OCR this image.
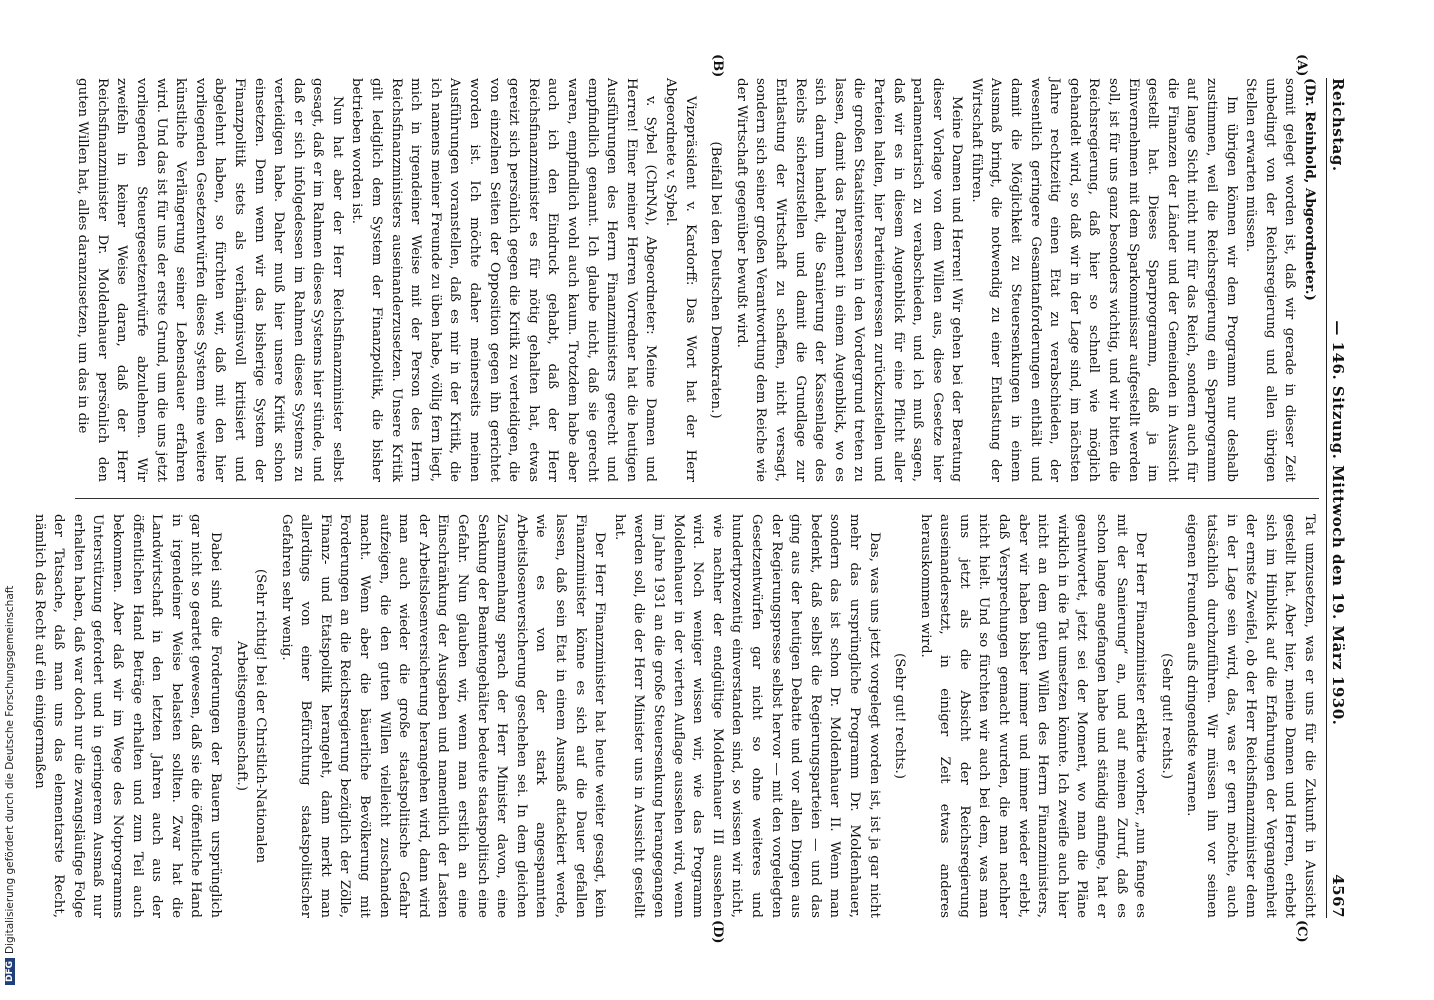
Reichstag.
— 146. Sitzung. Mittwoch den 19. März 1930.
4567
(A)
(B)
(C)
(D)

(Dr. Reinhold, Abgeordneter.)

somit gelegt worden ist, daß wir gerade in dieser Zeit unbedingt von der Reichsregierung und allen übrigen Stellen erwarten müssen.

Im übrigen können wir dem Programm nur deshalb zustimmen, weil die Reichsregierung ein Sparprogramm auf lange Sicht nicht nur für das Reich, sondern auch für die Finanzen der Länder und der Gemeinden in Aussicht gestellt hat. Dieses Sparprogramm, daß ja im Einvernehmen mit dem Sparkommissar aufgestellt werden soll, ist für uns ganz besonders wichtig, und wir bitten die Reichsregierung, daß hier so schnell wie möglich gehandelt wird, so daß wir in der Lage sind, im nächsten Jahre rechtzeitig einen Etat zu verabschieden, der wesentlich geringere Gesamtanforderungen enthält und damit die Möglichkeit zu Steuersenkungen in einem Ausmaß bringt, die notwendig zu einer Entlastung der Wirtschaft führen.

Meine Damen und Herren! Wir gehen bei der Beratung dieser Vorlage von dem Willen aus, diese Gesetze hier parlamentarisch zu verabschieden, und ich muß sagen, daß wir es in diesem Augenblick für eine Pflicht aller Parteien halten, hier Parteiinteressen zurückzustellen und die großen Staatsinteressen in den Vordergrund treten zu lassen, damit das Parlament in einem Augenblick, wo es sich darum handelt, die Sanierung der Kassenlage des Reichs sicherzustellen und damit die Grundlage zur Entlastung der Wirtschaft zu schaffen, nicht versagt, sondern sich seiner großen Verantwortung dem Reiche wie der Wirtschaft gegenüber bewußt wird.

(Beifall bei den Deutschen Demokraten.)

Vizepräsident v. Kardorff: Das Wort hat der Herr Abgeordnete v. Sybel.

v. Sybel (ChrNA), Abgeordneter: Meine Damen und Herren! Einer meiner Herren Vorredner hat die heutigen Ausführungen des Herrn Finanzministers gerecht und empfindlich genannt. Ich glaube nicht, daß sie gerecht waren, empfindlich wohl auch kaum. Trotzdem habe aber auch ich den Eindruck gehabt, daß der Herr Reichsfinanzminister es für nötig gehalten hat, etwas gereizt sich persönlich gegen die Kritik zu verteidigen, die von einzelnen Seiten der Opposition gegen ihn gerichtet worden ist. Ich möchte daher meinerseits meinen Ausführungen voranstellen, daß es mir in der Kritik, die ich namens meiner Freunde zu üben habe, völlig fern liegt, mich in irgendeiner Weise mit der Person des Herrn Reichsfinanzministers auseinanderzusetzen. Unsere Kritik gilt lediglich dem System der Finanzpolitik, die bisher betrieben worden ist.

Nun hat aber der Herr Reichsfinanzminister selbst gesagt, daß er im Rahmen dieses Systems hier stünde, und daß er sich infolgedessen im Rahmen dieses Systems zu verteidigen habe. Daher muß hier unsere Kritik schon einsetzen. Denn wenn wir das bisherige System der Finanzpolitik stets als verhängnisvoll kritisiert und abgelehnt haben, so fürchten wir, daß mit den hier vorliegenden Gesetzentwürfen dieses System eine weitere künstliche Verlängerung seiner Lebensdauer erfahren wird. Und das ist für uns der erste Grund, um die uns jetzt vorliegenden Steuergesetzentwürfe abzulehnen. Wir zweifeln in keiner Weise daran, daß der Herr Reichsfinanzminister Dr. Moldenhauer persönlich den guten Willen hat, alles daranzusetzen, um das in die

Tat umzusetzen, was er uns für die Zukunft in Aussicht gestellt hat. Aber hier, meine Damen und Herren, erhebt sich im Hinblick auf die Erfahrungen der Vergangenheit der ernste Zweifel, ob der Herr Reichsfinanzminister denn in der Lage sein wird, das, was er gern möchte, auch tatsächlich durchzuführen. Wir müssen ihn vor seinen eigenen Freunden aufs dringendste warnen.

(Sehr gut! rechts.)

Der Herr Finanzminister erklärte vorher, „nun fange es mit der Sanierung“ an, und auf meinen Zuruf, daß es schon lange angefangen habe und ständig anfinge, hat er geantwortet, jetzt sei der Moment, wo man die Pläne wirklich in die Tat umsetzen könnte. Ich zweifle auch hier nicht an dem guten Willen des Herrn Finanzministers, aber wir haben bisher immer und immer wieder erlebt, daß Versprechungen gemacht wurden, die man nachher nicht hielt. Und so fürchten wir auch bei dem, was man uns jetzt als die Absicht der Reichsregierung auseinandersetzt, in einiger Zeit etwas anderes herauskommen wird.

(Sehr gut! rechts.)

Das, was uns jetzt vorgelegt worden ist, ist ja gar nicht mehr das ursprüngliche Programm Dr. Moldenhauer, sondern das ist schon Dr. Moldenhauer II. Wenn man bedenkt, daß selbst die Regierungsparteien — und das ging aus der heutigen Debatte und vor allen Dingen aus der Regierungspresse selbst hervor — mit den vorgelegten Gesetzentwürfen gar nicht so ohne weiteres und hundertprozentig einverstanden sind, so wissen wir nicht, wie nachher der endgültige Moldenhauer III aussehen wird. Noch weniger wissen wir, wie das Programm Moldenhauer in der vierten Auflage aussehen wird, wenn im Jahre 1931 an die große Steuersenkung herangegangen werden soll, die der Herr Minister uns in Aussicht gestellt hat.

Der Herr Finanzminister hat heute weiter gesagt, kein Finanzminister könne es sich auf die Dauer gefallen lassen, daß sein Etat in einem Ausmaß attackiert werde, wie es von der stark angespannten Arbeitslosenversicherung geschehen sei. In dem gleichen Zusammenhang sprach der Herr Minister davon, eine Senkung der Beamtengehälter bedeute staatspolitisch eine Gefahr. Nun glauben wir, wenn man erstlich an eine Einschränkung der Ausgaben und namentlich der Lasten der Arbeitslosenversicherung herangehen wird, dann wird man auch wieder die große staatspolitische Gefahr aufzeigen, die den guten Willen vielleicht zuschanden macht. Wenn aber die bäuerliche Bevölkerung mit Forderungen an die Reichsregierung bezüglich der Zölle, Finanz- und Etatspolitik herangeht, dann merkt man allerdings von einer Befürchtung staatspolitischer Gefahren sehr wenig.

(Sehr richtig! bei der Christlich-Nationalen Arbeitsgemeinschaft.)

Dabei sind die Forderungen der Bauern ursprünglich gar nicht so geartet gewesen, daß sie die öffentliche Hand in irgendeiner Weise belasten sollten. Zwar hat die Landwirtschaft in den letzten Jahren auch aus der öffentlichen Hand Beträge erhalten und zum Teil auch bekommen. Aber daß wir im Wege des Notprogramms Unterstützung gefordert und in geringerem Ausmaß nur erhalten haben, daß war doch nur die zwangsläufige Folge der Tatsache, daß man uns das elementarste Recht, nämlich das Recht auf ein einigermaßen

DFG
Digitalisierung gefördert durch die Deutsche Forschungsgemeinschaft
